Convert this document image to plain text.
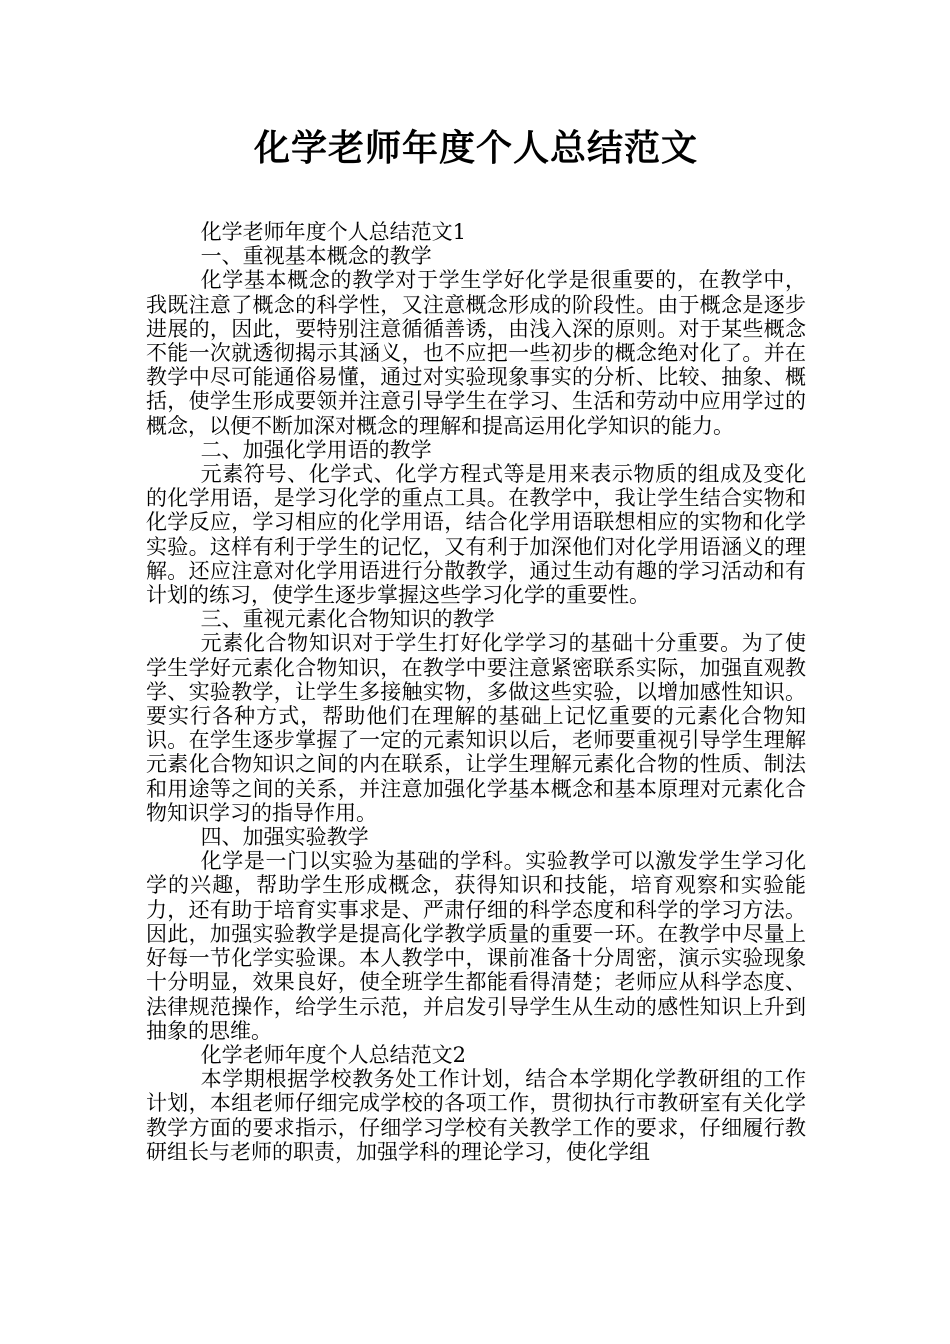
化学老师年度个人总结范文

化学老师年度个人总结范文1

一、重视基本概念的教学

化学基本概念的教学对于学生学好化学是很重要的，在教学中，我既注意了概念的科学性，又注意概念形成的阶段性。由于概念是逐步进展的，因此，要特别注意循循善诱，由浅入深的原则。对于某些概念不能一次就透彻揭示其涵义，也不应把一些初步的概念绝对化了。并在教学中尽可能通俗易懂，通过对实验现象事实的分析、比较、抽象、概括，使学生形成要领并注意引导学生在学习、生活和劳动中应用学过的概念，以便不断加深对概念的理解和提高运用化学知识的能力。

二、加强化学用语的教学

元素符号、化学式、化学方程式等是用来表示物质的组成及变化的化学用语，是学习化学的重点工具。在教学中，我让学生结合实物和化学反应，学习相应的化学用语，结合化学用语联想相应的实物和化学实验。这样有利于学生的记忆，又有利于加深他们对化学用语涵义的理解。还应注意对化学用语进行分散教学，通过生动有趣的学习活动和有计划的练习，使学生逐步掌握这些学习化学的重要性。

三、重视元素化合物知识的教学

元素化合物知识对于学生打好化学学习的基础十分重要。为了使学生学好元素化合物知识，在教学中要注意紧密联系实际，加强直观教学、实验教学，让学生多接触实物，多做这些实验，以增加感性知识。要实行各种方式，帮助他们在理解的基础上记忆重要的元素化合物知识。在学生逐步掌握了一定的元素知识以后，老师要重视引导学生理解元素化合物知识之间的内在联系，让学生理解元素化合物的性质、制法和用途等之间的关系，并注意加强化学基本概念和基本原理对元素化合物知识学习的指导作用。

四、加强实验教学

化学是一门以实验为基础的学科。实验教学可以激发学生学习化学的兴趣，帮助学生形成概念，获得知识和技能，培育观察和实验能力，还有助于培育实事求是、严肃仔细的科学态度和科学的学习方法。因此，加强实验教学是提高化学教学质量的重要一环。在教学中尽量上好每一节化学实验课。本人教学中，课前准备十分周密，演示实验现象十分明显，效果良好，使全班学生都能看得清楚；老师应从科学态度、法律规范操作，给学生示范，并启发引导学生从生动的感性知识上升到抽象的思维。

化学老师年度个人总结范文2

本学期根据学校教务处工作计划，结合本学期化学教研组的工作计划，本组老师仔细完成学校的各项工作，贯彻执行市教研室有关化学教学方面的要求指示，仔细学习学校有关教学工作的要求，仔细履行教研组长与老师的职责，加强学科的理论学习，使化学组
